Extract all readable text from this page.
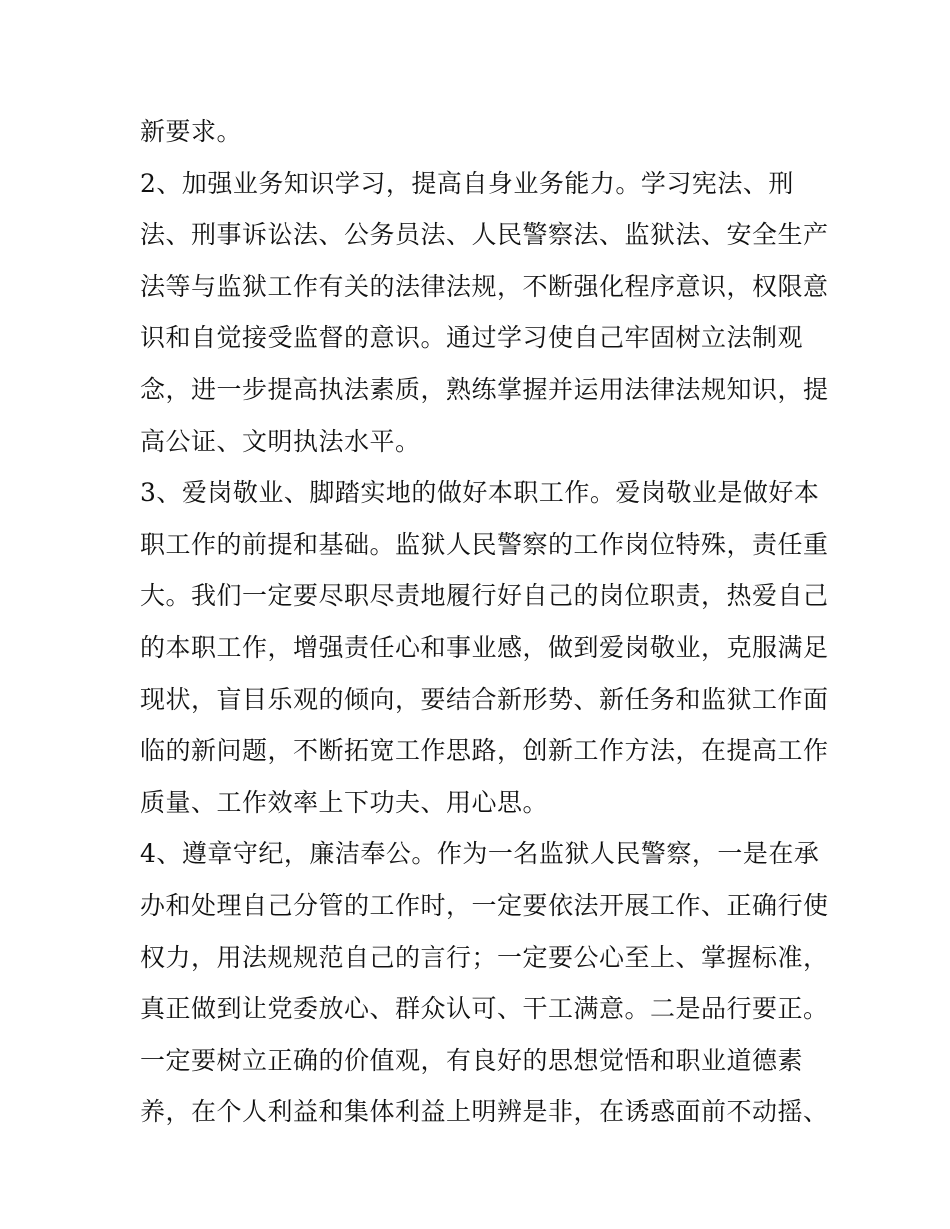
新要求。
2、加强业务知识学习，提高自身业务能力。学习宪法、刑
法、刑事诉讼法、公务员法、人民警察法、监狱法、安全生产
法等与监狱工作有关的法律法规，不断强化程序意识，权限意
识和自觉接受监督的意识。通过学习使自己牢固树立法制观
念，进一步提高执法素质，熟练掌握并运用法律法规知识，提
高公证、文明执法水平。
3、爱岗敬业、脚踏实地的做好本职工作。爱岗敬业是做好本
职工作的前提和基础。监狱人民警察的工作岗位特殊，责任重
大。我们一定要尽职尽责地履行好自己的岗位职责，热爱自己
的本职工作，增强责任心和事业感，做到爱岗敬业，克服满足
现状，盲目乐观的倾向，要结合新形势、新任务和监狱工作面
临的新问题，不断拓宽工作思路，创新工作方法，在提高工作
质量、工作效率上下功夫、用心思。
4、遵章守纪，廉洁奉公。作为一名监狱人民警察，一是在承
办和处理自己分管的工作时，一定要依法开展工作、正确行使
权力，用法规规范自己的言行；一定要公心至上、掌握标准，
真正做到让党委放心、群众认可、干工满意。二是品行要正。
一定要树立正确的价值观，有良好的思想觉悟和职业道德素
养，在个人利益和集体利益上明辨是非，在诱惑面前不动摇、
